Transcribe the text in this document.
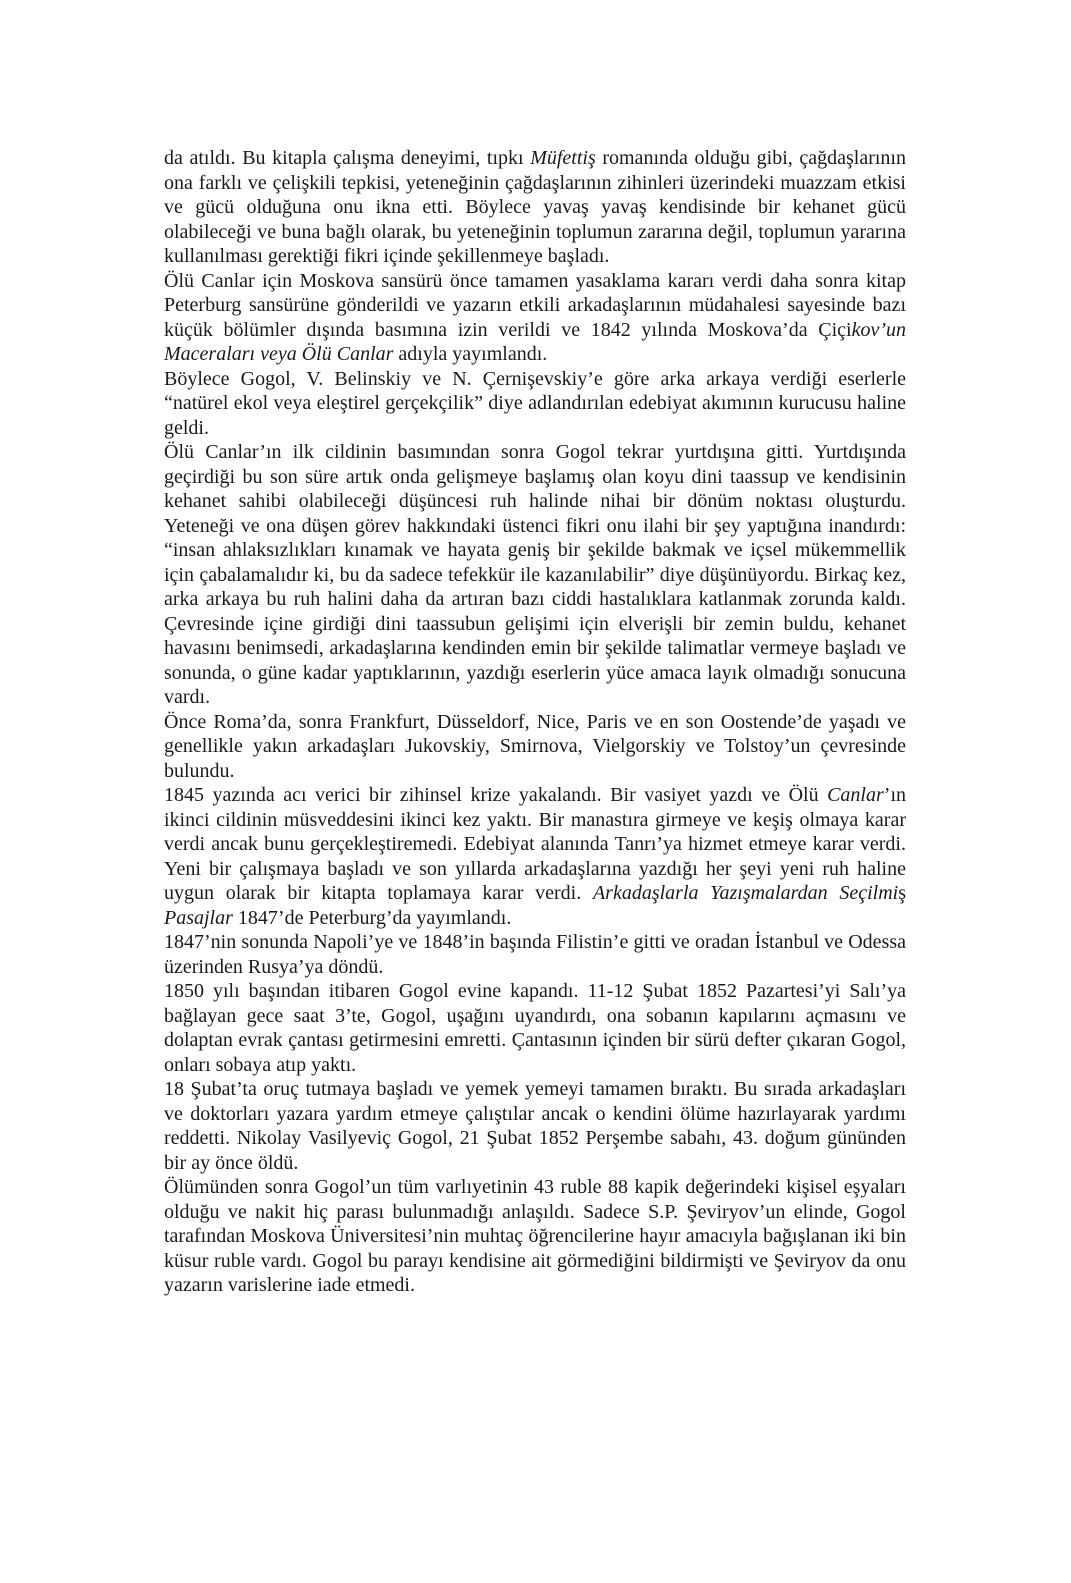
da atıldı. Bu kitapla çalışma deneyimi, tıpkı Müfettiş romanında olduğu gibi, çağdaşlarının ona farklı ve çelişkili tepkisi, yeteneğinin çağdaşlarının zihinleri üzerindeki muazzam etkisi ve gücü olduğuna onu ikna etti. Böylece yavaş yavaş kendisinde bir kehanet gücü olabileceği ve buna bağlı olarak, bu yeteneğinin toplumun zararına değil, toplumun yararına kullanılması gerektiği fikri içinde şekillenmeye başladı.

Ölü Canlar için Moskova sansürü önce tamamen yasaklama kararı verdi daha sonra kitap Peterburg sansürüne gönderildi ve yazarın etkili arkadaşlarının müdahalesi sayesinde bazı küçük bölümler dışında basımına izin verildi ve 1842 yılında Moskova’da Çiçikov’un Maceraları veya Ölü Canlar adıyla yayımlandı.

Böylece Gogol, V. Belinskiy ve N. Çernişevskiy’e göre arka arkaya verdiği eserlerle “natürel ekol veya eleştirel gerçekçilik” diye adlandırılan edebiyat akımının kurucusu haline geldi.

Ölü Canlar’ın ilk cildinin basımından sonra Gogol tekrar yurtdışına gitti. Yurtdışında geçirdiği bu son süre artık onda gelişmeye başlamış olan koyu dini taassup ve kendisinin kehanet sahibi olabileceği düşüncesi ruh halinde nihai bir dönüm noktası oluşturdu. Yeteneği ve ona düşen görev hakkındaki üstenci fikri onu ilahi bir şey yaptığına inandırdı: “insan ahlaksızlıkları kınamak ve hayata geniş bir şekilde bakmak ve içsel mükemmellik için çabalamalıdır ki, bu da sadece tefekkür ile kazanılabilir” diye düşünüyordu. Birkaç kez, arka arkaya bu ruh halini daha da artıran bazı ciddi hastalıklara katlanmak zorunda kaldı. Çevresinde içine girdiği dini taassubun gelişimi için elverişli bir zemin buldu, kehanet havasını benimsedi, arkadaşlarına kendinden emin bir şekilde talimatlar vermeye başladı ve sonunda, o güne kadar yaptıklarının, yazdığı eserlerin yüce amaca layık olmadığı sonucuna vardı.

Önce Roma’da, sonra Frankfurt, Düsseldorf, Nice, Paris ve en son Oostende’de yaşadı ve genellikle yakın arkadaşları Jukovskiy, Smirnova, Vielgorskiy ve Tolstoy’un çevresinde bulundu.

1845 yazında acı verici bir zihinsel krize yakalandı. Bir vasiyet yazdı ve Ölü Canlar’ın ikinci cildinin müsveddesini ikinci kez yaktı. Bir manastıra girmeye ve keşiş olmaya karar verdi ancak bunu gerçekleştiremedi. Edebiyat alanında Tanrı’ya hizmet etmeye karar verdi. Yeni bir çalışmaya başladı ve son yıllarda arkadaşlarına yazdığı her şeyi yeni ruh haline uygun olarak bir kitapta toplamaya karar verdi. Arkadaşlarla Yazışmalardan Seçilmiş Pasajlar 1847’de Peterburg’da yayımlandı.

1847’nin sonunda Napoli’ye ve 1848’in başında Filistin’e gitti ve oradan İstanbul ve Odessa üzerinden Rusya’ya döndü.

1850 yılı başından itibaren Gogol evine kapandı. 11-12 Şubat 1852 Pazartesi’yi Salı’ya bağlayan gece saat 3’te, Gogol, uşağını uyandırdı, ona sobanın kapılarını açmasını ve dolaptan evrak çantası getirmesini emretti. Çantasının içinden bir sürü defter çıkaran Gogol, onları sobaya atıp yaktı.

18 Şubat’ta oruç tutmaya başladı ve yemek yemeyi tamamen bıraktı. Bu sırada arkadaşları ve doktorları yazara yardım etmeye çalıştılar ancak o kendini ölüme hazırlayarak yardımı reddetti. Nikolay Vasilyeviç Gogol, 21 Şubat 1852 Perşembe sabahı, 43. doğum gününden bir ay önce öldü.

Ölümünden sonra Gogol’un tüm varlıyetinin 43 ruble 88 kapik değerindeki kişisel eşyaları olduğu ve nakit hiç parası bulunmadığı anlaşıldı. Sadece S.P. Şeviryov’un elinde, Gogol tarafından Moskova Üniversitesi’nin muhtaç öğrencilerine hayır amacıyla bağışlanan iki bin küsur ruble vardı. Gogol bu parayı kendisine ait görmediğini bildirmişti ve Şeviryov da onu yazarın varislerine iade etmedi.
